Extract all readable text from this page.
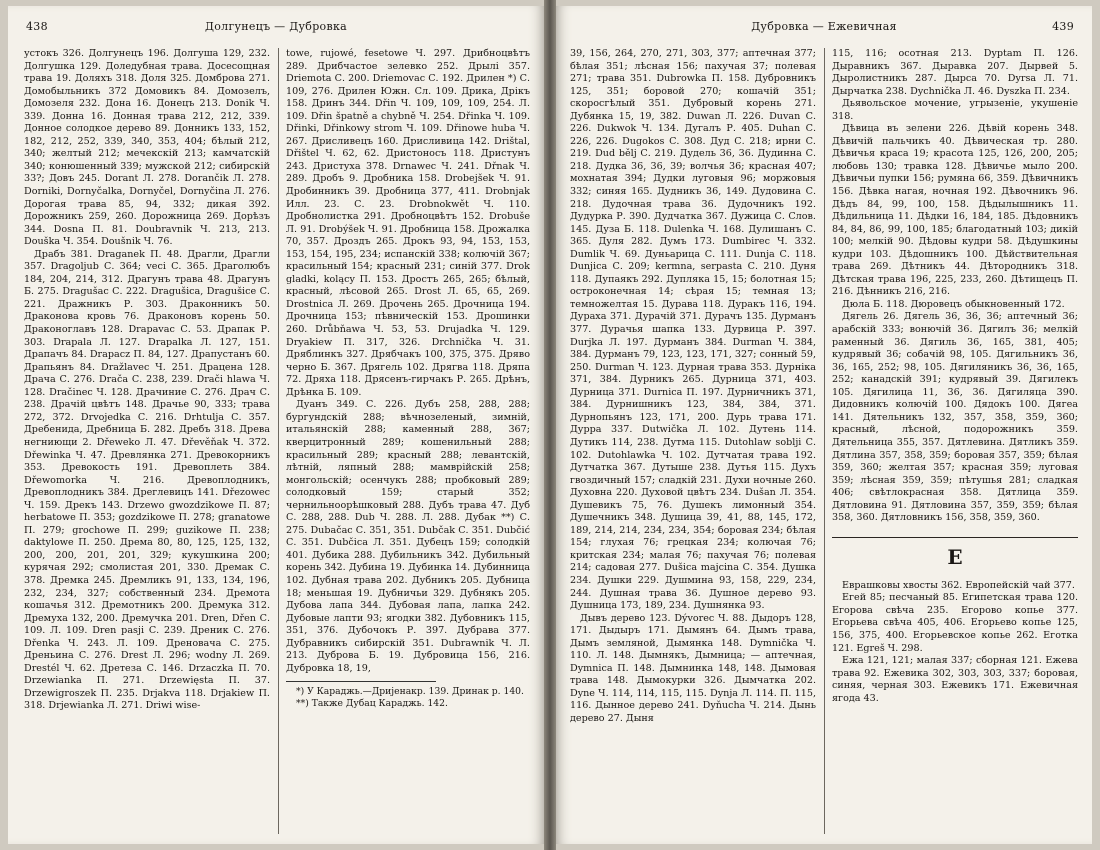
438	Долгунецъ — Дубровка

устокъ 326. Долгунецъ 196. Долгуша 129, 232. Долгушка 129. Доледубная трава. Досесощная трава 19. Доляхъ 318. Доля 325. Домброва 271. Домобыльникъ 372 Домовикъ 84. Домозелъ, Домозеля 232. Дона 16. Донецъ 213. Donik Ч. 339. Донна 16. Донная трава 212, 212, 339. Донное солодкое дерево 89. Донникъ 133, 152, 182, 212, 252, 339, 340, 353, 404; бѣлый 212, 340; желтый 212; мечекскій 213; камчатскій 340; конюшенный 339; мужской 212; сибирскій 33?; Довъ 245. Dorant Л. 278. Dorančik Л. 278. Dorniki, Dornyčalka, Dornyčel, Dornyčina Л. 276. Дорогая трава 85, 94, 332; дикая 392. Дорожникъ 259, 260. Дорожница 269. Дорѣзъ 344. Dosna П. 81. Doubravnik Ч. 213, 213. Douška Ч. 354. Doušnik Ч. 76.

Драбъ 381. Draganek П. 48. Драгли, Драгли 357. Dragoljub С. 364; veci С. 365. Драголюбъ 184, 204, 214, 312. Драгунъ трава 48. Драгунъ Б. 275. Dragušac С. 222. Dragušica, Dragušice С. 221. Дражникъ Р. 303. Драконникъ 50. Драконова кровь 76. Драконовъ корень 50. Драконоглавъ 128. Drapavac С. 53. Драпак Р. 303. Drapala Л. 127. Drapalka Л. 127, 151. Драпачъ 84. Drapacz П. 84, 127. Драпустанъ 60. Драпьянъ 84. Dražlavec Ч. 251. Драцена 128. Драча С. 276. Drača С. 238, 239. Drači hlawa Ч. 128. Dračinec Ч. 128. Драчиние С. 276. Драч С. 238. Драчій цвѣтъ 148. Драчье 90, 333; трава 272, 372. Drvojedka С. 216. Drhtulja С. 357. Дребенида, Дребница Б. 282. Дребъ 318. Древа негниющи 2. Dřeweko Л. 47. Dřevěňak Ч. 372. Dřewinka Ч. 47. Древлянка 271. Древокорникъ 353. Древокость 191. Древоплеть 384. Dřewomorka Ч. 216. Древоплодникъ, Древоплодникъ 384. Дреглевицъ 141. Dřezowec Ч. 159. Дрекъ 143. Drzewo gwozdzikowe П. 87; herbatowe П. 353; gozdzikowe П. 278; granatowe П. 279; grochowe П. 299; guzikowe П. 238; daktylowe П. 250. Дрема 80, 80, 125, 125, 132, 200, 200, 201, 201, 329; кукушкина 200; курячая 292; смолистая 201, 330. Дремак С. 378. Дремка 245. Дремликъ 91, 133, 134, 196, 232, 234, 327; собственный 234. Дремота кошачья 312. Дремотникъ 200. Дремука 312. Дремуха 132, 200. Дремучка 201. Dren, Dřen С. 109. Л. 109. Dren pasji С. 239. Дреник С. 276. Dřenka Ч. 243. Л. 109. Дреновача С. 275. Дреньина С. 276. Drest Л. 296; wodny Л. 269. Drestél Ч. 62. Дретеза С. 146. Drzaczka П. 70. Drzewianka П. 271. Drzewięsta П. 37. Drzewigroszek П. 235. Drjakva 118. Drjakiew П. 318. Drjewianka Л. 271. Driwi wise-

towe, rujowé, fesetowe Ч. 297. Дрибноцвѣтъ 289. Дрибчастое зелевко 252. Дрылі 357. Driemota С. 200. Driemovac С. 192. Дрилен *) С. 109, 276. Дрилен Южн. Сл. 109. Дрика, Дрікъ 158. Дринъ 344. Dřin Ч. 109, 109, 109, 254. Л. 109. Dřin špatně a chybně Ч. 254. Dřinka Ч. 109. Dřinki, Dřinkowy strom Ч. 109. Dřinowe huba Ч. 267. Дрисливецъ 160. Дрисливица 142. Drištal, Dřištel Ч. 62, 62. Дристоносъ 118. Дристунъ 243. Дристуха 378. Drnawec Ч. 241. Dřnak Ч. 289. Дробъ 9. Дробника 158. Drobejšek Ч. 91. Дробинникъ 39. Дробница 377, 411. Drobnjak Илл. 23. С. 23. Drobnokwět Ч. 110. Дробнолистка 291. Дробноцвѣтъ 152. Drobušе Л. 91. Drobýšek Ч. 91. Дробница 158. Дрожалка 70, 357. Дроздъ 265. Дрокъ 93, 94, 153, 153, 153, 154, 195, 234; испанскій 338; колючій 367; красильный 154; красный 231; синій 377. Drok gladki, kolący П. 153. Дростъ 265, 265; бѣлый, красный, лѣсовой 265. Drost Л. 65, 65, 269. Drostnica Л. 269. Дрочень 265. Дрочница 194. Дрочница 153; пѣвническій 153. Дрошинки 260. Drůbňawa Ч. 53, 53. Drujadka Ч. 129. Dryakiew П. 317, 326. Drchnička Ч. 31. Дряблинкъ 327. Дрябчакъ 100, 375, 375. Дряво черно Б. 367. Дрягель 102. Дрягва 118. Дряпа 72. Дряха 118. Дрясенъ-гирчакъ Р. 265. Дрѣнъ, Дрѣнка Б. 109.

Дуанъ 349. С. 226. Дубъ 258, 288, 288; бургундскій 288; вѣчнозеленый, зимній, итальянскій 288; каменный 288, 367; кверцитронный 289; кошенильный 288; красильный 289; красный 288; левантскій, лѣтній, ляпный 288; мамврійскій 258; монгольскій; осенчукъ 288; пробковый 289; солодковый 159; стаpый 352; чернильноорѣшковый 288. Дубъ трава 47. Дуб С. 288, 288. Dub Ч. 288. Л. 288. Дубак **) С. 275. Dubačac С. 351, 351. Dubčak С. 351. Dubčić С. 351. Dubčica Л. 351. Дубецъ 159; солодкій 401. Дубика 288. Дубильникъ 342. Дубильный корень 342. Дубина 19. Дубинка 14. Дубинница 102. Дубная трава 202. Дубникъ 205. Дубница 18; меньшая 19. Дубничьи 329. Дубнякъ 205. Дубова лапа 344. Дубовая лапа, лапка 242. Дубовые лапти 93; ягодки 382. Дубовникъ 115, 351, 376. Дубочокъ Р. 397. Дубрава 377. Дубравникъ сибирскій 351. Dubrawnik Ч. Л. 213. Дуброва Б. 19. Дубровица 156, 216. Дубровка 18, 19,

*) У Караджь.—Дриjенакр. 139. Дринак р. 140.

**) Также Дубац Караджь. 142.

Дубровка — Ежевичная	439

39, 156, 264, 270, 271, 303, 377; аптечная 377; бѣлая 351; лѣсная 156; пахучая 37; полевая 271; травa 351. Dubrowka П. 158. Дубровникъ 125, 351; боровой 270; кошачій 351; скоросгѣлый 351. Дубровый корень 271. Дубянка 15, 19, 382. Duwan Л. 226. Duvan С. 226. Dukwok Ч. 134. Дугалъ Р. 405. Duhan С. 226, 226. Dugokos С. 308. Дуд С. 218; ирни С. 219. Dud bělj С. 219. Дудель 36, 36. Дудинна С. 218. Дудка 36, 36, 39; волчья 36; красная 407; мохнатая 394; Дудки луговыя 96; моржовыя 332; синяя 165. Дудникъ 36, 149. Дудовина С. 218. Дудочная трава 36. Дудочникъ 192. Дудурка Р. 390. Дудчатка 367. Дужица С. Слов. 145. Дуза Б. 118. Dulenka Ч. 168. Дулишанъ С. 365. Дуля 282. Думъ 173. Dumbirec Ч. 332. Dumlik Ч. 69. Дуньарица С. 111. Dunja С. 118. Dunjica С. 209; kermna, serpasta С. 210. Дуня 118. Дупаякъ 292. Дупляка 15, 15; болотная 15; остроконечная 14; сѣрая 15; темная 13; темножелтая 15. Дурава 118. Дуракъ 116, 194. Дураха 371. Дурачій 371. Дурачъ 135. Дурманъ 377. Дурачья шапка 133. Дурвица Р. 397. Durjka Л. 197. Дурманъ 384. Durman Ч. 384, 384. Дурманъ 79, 123, 123, 171, 327; сонный 59, 250. Durman Ч. 123. Дурная трава 353. Дурнiка 371, 384. Дурникъ 265. Дурница 371, 403. Дурница 371. Durnica П. 197. Дурничникъ 371, 384. Дурнишникъ 123, 384, 384, 371. Дурнопьянъ 123, 171, 200. Дурь трава 171. Дурра 337. Dutwička Л. 102. Дутень 114. Дутикъ 114, 238. Дутмa 115. Dutohlaw sobljі С. 102. Dutohlawka Ч. 102. Дутчатая трава 192. Дутчатка 367. Дутыше 238. Дутья 115. Духъ гвоздичный 157; сладкій 231. Духи ночные 260. Духовна 220. Духовой цвѣтъ 234. Dušan Л. 354. Душевикъ 75, 76. Душекъ лимонный 354. Душечникъ 348. Душица 39, 41, 88, 145, 172, 189, 214, 214, 234, 234, 354; боровая 234; бѣлая 154; глухая 76; грецкая 234; колючая 76; критская 234; малая 76; пахучая 76; полевая 214; садовая 277. Dušica majcina С. 354. Душка 234. Душки 229. Душминa 93, 158, 229, 234, 244. Душная трава 36. Душное дерево 93. Душница 173, 189, 234. Душнянка 93.

Дывъ дерево 123. Dývorec Ч. 88. Дыдоръ 128, 171. Дыдыръ 171. Дымянъ 64. Дымъ трава, Дымъ земляной, Дымянка 148. Dymnička Ч. 110. Л. 148. Дымнякъ, Дымница; — аптечная, Dymnica П. 148. Дымнинка 148, 148. Дымовая трава 148. Дымокурки 326. Дымчатка 202. Dyne Ч. 114, 114, 115, 115. Dynja Л. 114. П. 115, 116. Дынное дерево 241. Dyňucha Ч. 214. Дынь дерево 27. Дыня

115, 116; осотная 213. Dyptam П. 126. Дыравникъ 367. Дыравка 207. Дырвей 5. Дырoлистникъ 287. Дырса 70. Dyrsa Л. 71. Дырчатка 238. Dychnička Л. 46. Dyszka П. 234.

Дьявольское мочение, угрызеніе, укушеніе 318.

Дѣвица въ зелени 226. Дѣвій корень 348. Дѣвичій пальчикъ 40. Дѣвическая тр. 280. Дѣвичья краса 19; красота 125, 126, 200, 205; любовь 130; травка 128. Дѣвичье мыло 200. Дѣвичьи пупки 156; румяна 66, 359. Дѣвичникъ 156. Дѣвка нагая, ночная 192. Дѣвочникъ 96. Дѣдъ 84, 99, 100, 158. Дѣдылышникъ 11. Дѣдильница 11. Дѣдки 16, 184, 185. Дѣдовникъ 84, 84, 86, 99, 100, 185; благодатный 103; дикій 100; мелкій 90. Дѣдовы кудри 58. Дѣдушкины кудри 103. Дѣдошникъ 100. Дѣйствительная трава 269. Дѣтникъ 44. Дѣтородникъ 318. Дѣтская трава 196, 225, 233, 260. Дѣтищецъ П. 216. Дѣнникъ 216, 216.

Дюла Б. 118. Дюровецъ обыкновенный 172.

Дягель 26. Дягель 36, 36, 36; аптечный 36; арабскій 333; вонючій 36. Дягилъ 36; мелкій раменный 36. Дягиль 36, 165, 381, 405; кудрявый 36; собачій 98, 105. Дягильникъ 36, 36, 165, 252; 98, 105. Дягиляникъ 36, 36, 165, 252; канадскій 391; кудрявый 39. Дягилекъ 105. Дягилица 11, 36, 36. Дягиляца 390. Дидовникъ колючій 100. Дядокъ 100. Дягеа 141. Дятельникъ 132, 357, 358, 359, 360; красный, лѣсной, подорожникъ 359. Дятельница 355, 357. Дятлевина. Дятликъ 359. Дятлина 357, 358, 359; боровая 357, 359; бѣлая 359, 360; желтая 357; красная 359; луговая 359; лѣсная 359, 359; пѣтушья 281; сладкая 406; свѣтлокрасная 358. Дятлица 359. Дятловина 91. Дятловина 357, 359, 359; бѣлая 358, 360. Дятловникъ 156, 358, 359, 360.

Е

Еврашковы хвосты 362. Европейскій чай 377.

Егей 85; песчаный 85. Египетская трава 120. Егорова свѣча 235. Егорово копье 377. Егорьева свѣча 405, 406. Егорьево копье 125, 156, 375, 400. Егорьевское копье 262. Еготкa 121. Egreš Ч. 298.

Ежа 121, 121; малая 337; сборная 121. Ежева трава 92. Ежевика 302, 303, 303, 337; боровая, синяя, черная 303. Ежевикъ 171. Ежевичная ягода 43.
